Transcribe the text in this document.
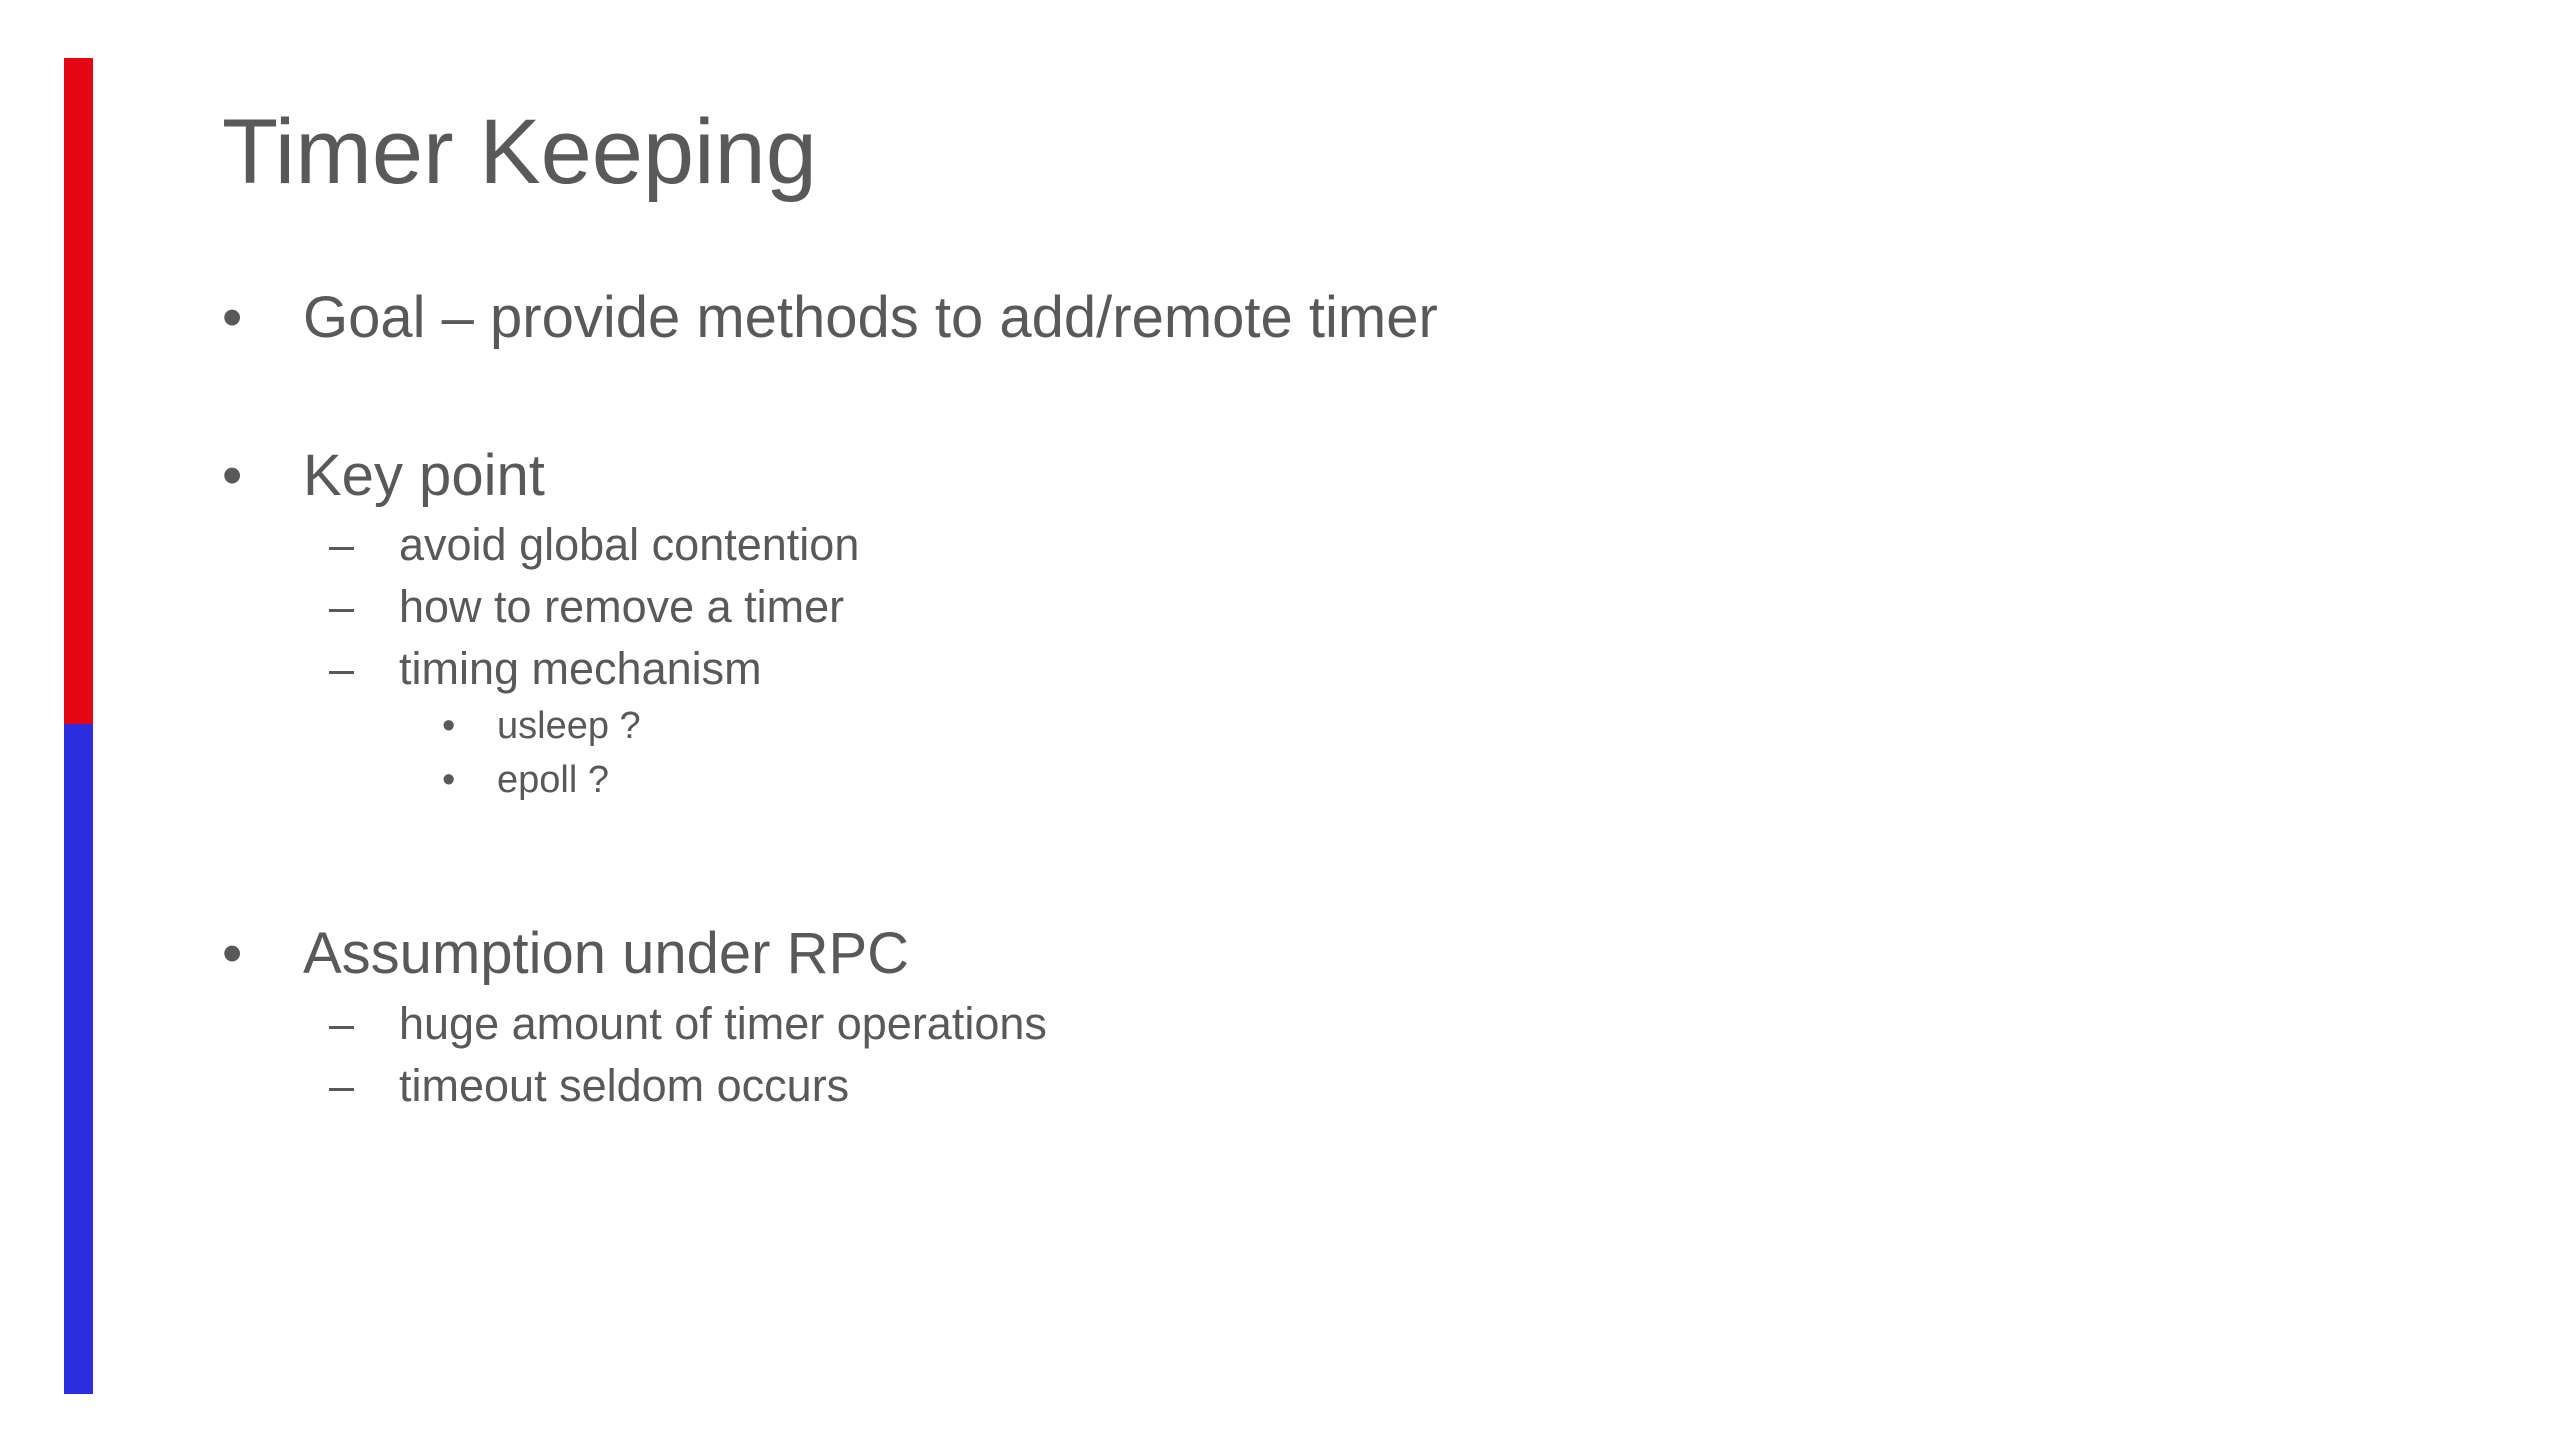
Timer Keeping
• Goal – provide methods to add/remote timer
• Key point
– avoid global contention
– how to remove a timer
– timing mechanism
• usleep ?
• epoll ?
• Assumption under RPC
– huge amount of timer operations
– timeout seldom occurs
